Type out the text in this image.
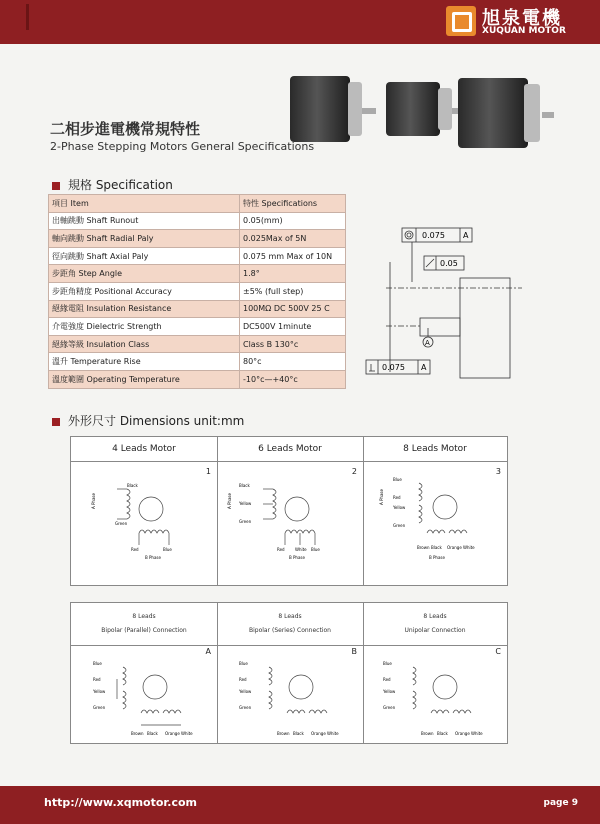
旭泉電機
XUQUAN MOTOR
二相步進電機常規特性
2-Phase Stepping Motors General Specifications
規格 Specification
項目 Item	特性 Specifications
出軸跳動 Shaft Runout	0.05(mm)
軸向跳動 Shaft Radial Paly	0.025Max of 5N
徑向跳動 Shaft Axial Paly	0.075 mm Max of 10N
步距角 Step Angle	1.8°
步距角精度 Positional Accuracy	±5% (full step)
絕緣電阻 Insulation Resistance	100MΩ DC 500V 25 C
介電強度 Dielectric Strength	DC500V 1minute
絕緣等級 Insulation Class	Class B 130°c
溫升 Temperature Rise	80°c
溫度範圍 Operating Temperature	-10°c—+40°c
0.075 A
0.05
A
0.075 A
外形尺寸 Dimensions unit:mm
4 Leads Motor
1
Black
Green
A Phase
Red	Blue
B Phase
6 Leads Motor
2
Black
Yellow
Green
A Phase
Red	White Blue
B Phase
8 Leads Motor
3
Blue
Red
Yellow
Green
A Phase
Brown Black Orange White
B Phase
8 Leads
Bipolar (Parallel) Connection
A
Blue
Red
Yellow
Green
Brown Black Orange White
8 Leads
Bipolar (Series) Connection
B
Blue
Red
Yellow
Green
Brown Black Orange White
8 Leads
Unipolar Connection
C
Blue
Red
Yellow
Green
Brown Black Orange White
http://www.xqmotor.com	page 9
